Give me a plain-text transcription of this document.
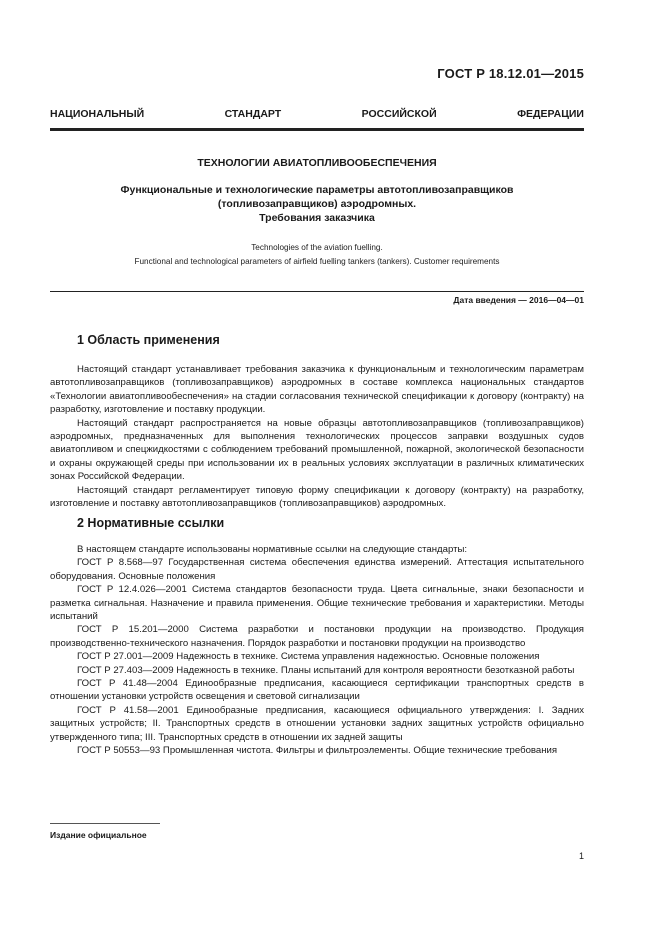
ГОСТ Р 18.12.01—2015
НАЦИОНАЛЬНЫЙ	СТАНДАРТ	РОССИЙСКОЙ	ФЕДЕРАЦИИ
ТЕХНОЛОГИИ АВИАТОПЛИВООБЕСПЕЧЕНИЯ
Функциональные и технологические параметры автотопливозаправщиков
(топливозаправщиков) аэродромных.
Требования заказчика
Technologies of the aviation fuelling.
Functional and technological parameters of airfield fuelling tankers (tankers). Customer requirements
Дата введения — 2016—04—01
1 Область применения

Настоящий стандарт устанавливает требования заказчика к функциональным и технологическим параметрам автотопливозаправщиков (топливозаправщиков) аэродромных в составе комплекса национальных стандартов «Технологии авиатопливообеспечения» на стадии согласования технической спецификации к договору (контракту) на разработку, изготовление и поставку продукции.

Настоящий стандарт распространяется на новые образцы автотопливозаправщиков (топливозаправщиков) аэродромных, предназначенных для выполнения технологических процессов заправки воздушных судов авиатопливом и спецжидкостями с соблюдением требований промышленной, пожарной, экологической безопасности и охраны окружающей среды при использовании их в реальных условиях эксплуатации в различных климатических зонах Российской Федерации.

Настоящий стандарт регламентирует типовую форму спецификации к договору (контракту) на разработку, изготовление и поставку автотопливозаправщиков (топливозаправщиков) аэродромных.

2 Нормативные ссылки

В настоящем стандарте использованы нормативные ссылки на следующие стандарты:

ГОСТ Р 8.568—97 Государственная система обеспечения единства измерений. Аттестация испытательного оборудования. Основные положения

ГОСТ Р 12.4.026—2001 Система стандартов безопасности труда. Цвета сигнальные, знаки безопасности и разметка сигнальная. Назначение и правила применения. Общие технические требования и характеристики. Методы испытаний

ГОСТ Р 15.201—2000 Система разработки и постановки продукции на производство. Продукция производственно-технического назначения. Порядок разработки и постановки продукции на производство

ГОСТ Р 27.001—2009 Надежность в технике. Система управления надежностью. Основные положения

ГОСТ Р 27.403—2009 Надежность в технике. Планы испытаний для контроля вероятности безотказной работы

ГОСТ Р 41.48—2004 Единообразные предписания, касающиеся сертификации транспортных средств в отношении установки устройств освещения и световой сигнализации

ГОСТ Р 41.58—2001 Единообразные предписания, касающиеся официального утверждения: I. Задних защитных устройств; II. Транспортных средств в отношении установки задних защитных устройств официально утвержденного типа; III. Транспортных средств в отношении их задней защиты

ГОСТ Р 50553—93 Промышленная чистота. Фильтры и фильтроэлементы. Общие технические требования

Издание официальное
1
